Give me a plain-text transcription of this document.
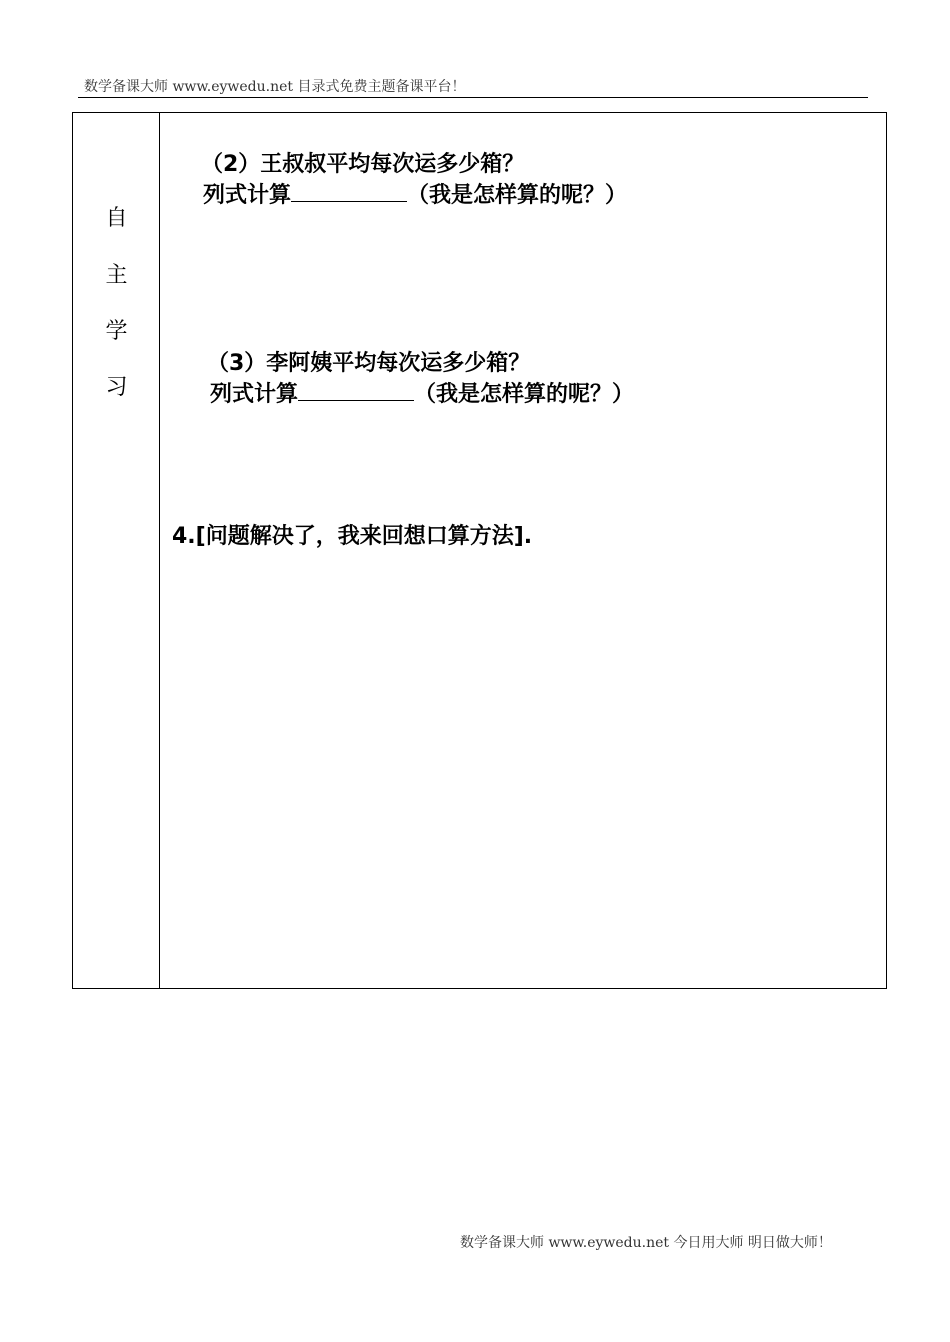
数学备课大师 www.eywedu.net 目录式免费主题备课平台！
自
主
学
习
（2）王叔叔平均每次运多少箱？
列式计算	（我是怎样算的呢？）
（3）李阿姨平均每次运多少箱？
列式计算	（我是怎样算的呢？）
4.[问题解决了，我来回想口算方法].
数学备课大师 www.eywedu.net 今日用大师 明日做大师！
